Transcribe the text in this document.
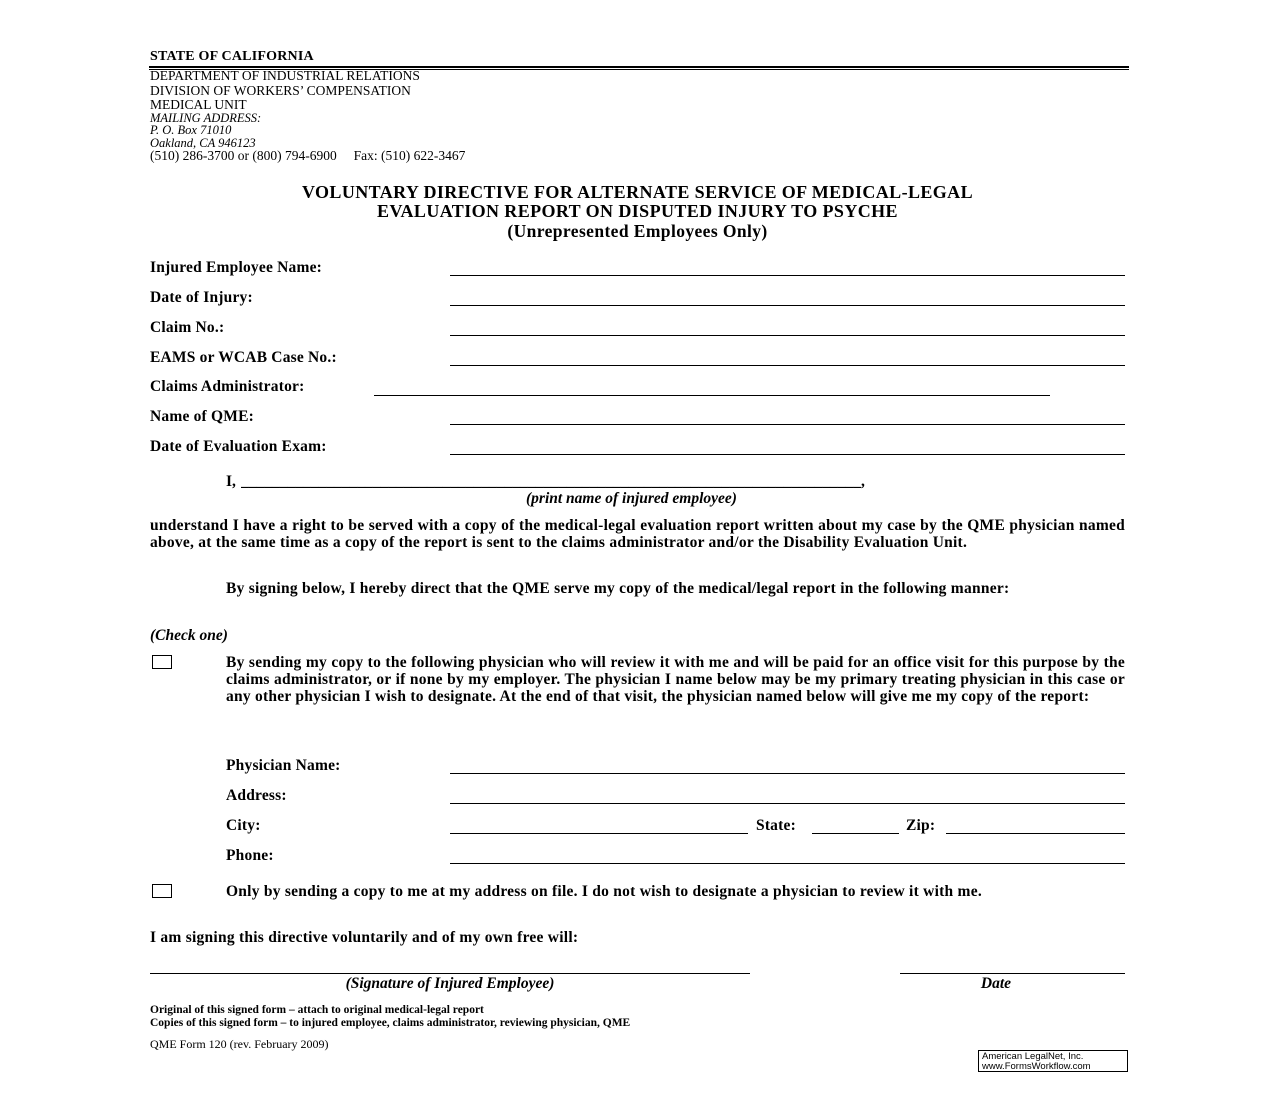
STATE OF CALIFORNIA
DEPARTMENT OF INDUSTRIAL RELATIONS
DIVISION OF WORKERS’ COMPENSATION
MEDICAL UNIT
MAILING ADDRESS:
P. O. Box 71010
Oakland, CA 946123
(510) 286-3700 or (800) 794-6900     Fax: (510) 622-3467
VOLUNTARY DIRECTIVE FOR ALTERNATE SERVICE OF MEDICAL-LEGAL
EVALUATION REPORT ON DISPUTED INJURY TO PSYCHE
(Unrepresented Employees Only)
Injured Employee Name:
Date of Injury:
Claim No.:
EAMS or WCAB Case No.:
Claims Administrator:
Name of QME:
Date of Evaluation Exam:
I, ________________________________________________________________________________,
(print name of injured employee)
understand I have a right to be served with a copy of the medical-legal evaluation report written about my case by the QME physician named above, at the same time as a copy of the report is sent to the claims administrator and/or the Disability Evaluation Unit.
By signing below, I hereby direct that the QME serve my copy of the medical/legal report in the following manner:
(Check one)
By sending my copy to the following physician who will review it with me and will be paid for an office visit for this purpose by the claims administrator, or if none by my employer. The physician I name below may be my primary treating physician in this case or any other physician I wish to designate. At the end of that visit, the physician named below will give me my copy of the report:
Physician Name:
Address:
City:	State:	Zip:
Phone:
Only by sending a copy to me at my address on file. I do not wish to designate a physician to review it with me.
I am signing this directive voluntarily and of my own free will:
(Signature of Injured Employee)	Date
Original of this signed form – attach to original medical-legal report
Copies of this signed form – to injured employee, claims administrator, reviewing physician, QME
QME Form 120 (rev. February 2009)
American LegalNet, Inc.
www.FormsWorkflow.com
